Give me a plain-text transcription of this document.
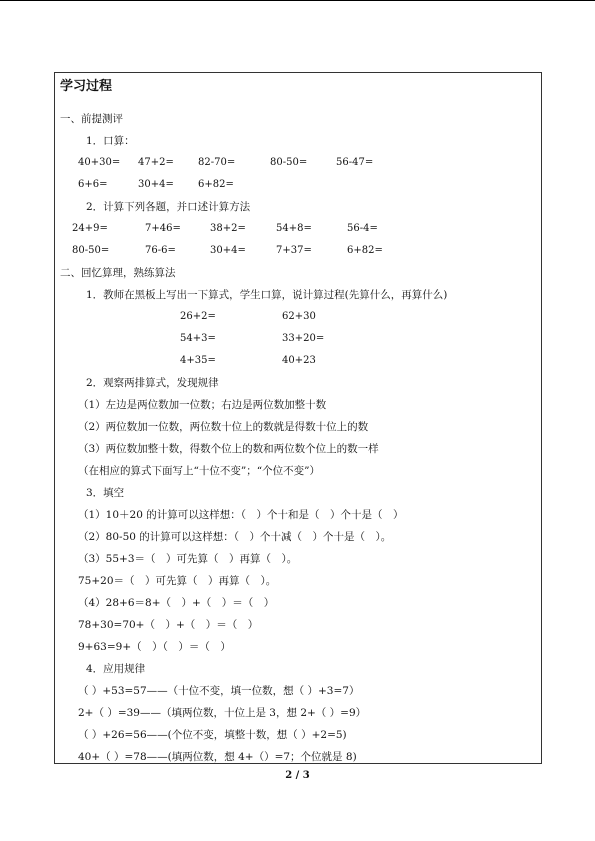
学习过程
一、前提测评
1．口算：
40+30= 47+2= 82-70=	80-50=	56-47=
6+6=	30+4= 6+82=
2．计算下列各题，并口述计算方法
24+9=	7+46=	38+2=	54+8=	56-4=
80-50=	76-6=	30+4=	7+37=	6+82=
二、回忆算理，熟练算法
1．教师在黑板上写出一下算式，学生口算，说计算过程(先算什么，再算什么)
26+2=	62+30
54+3=	33+20=
4+35=	40+23
2．观察两排算式，发现规律
（1）左边是两位数加一位数；右边是两位数加整十数
（2）两位数加一位数，两位数十位上的数就是得数十位上的数
（3）两位数加整十数，得数个位上的数和两位数个位上的数一样
（在相应的算式下面写上“十位不变”；“个位不变”）
3．填空
（1）10＋20 的计算可以这样想：（　）个十和是（　）个十是（　）
（2）80-50 的计算可以这样想：（　）个十减（　）个十是（　）。
（3）55+3＝（　）可先算（　）再算（　）。
75+20＝（　）可先算（　）再算（　）。
（4）28+6＝8+（　）+（　）＝（　）
78+30=70+（　）+（　）＝（　）
9+63=9+（　）（　）＝（　）
4．应用规律
（ ）+53=57——（十位不变，填一位数，想（ ）+3=7）
2+（ ）=39——（填两位数，十位上是 3，想 2+（ ）=9）
（ ）+26=56——(个位不变，填整十数，想（ ）+2=5)
40+（ ）=78——(填两位数，想 4+（）=7；个位就是 8)
2 / 3
